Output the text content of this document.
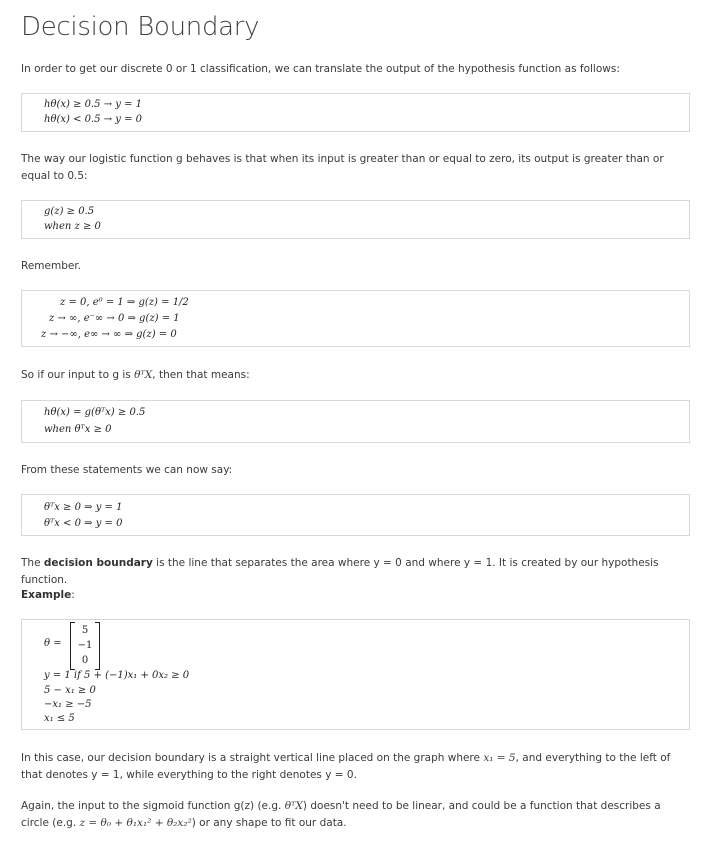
Decision Boundary

In order to get our discrete 0 or 1 classification, we can translate the output of the hypothesis function as follows:

hθ(x) ≥ 0.5 → y = 1
hθ(x) < 0.5 → y = 0

The way our logistic function g behaves is that when its input is greater than or equal to zero, its output is greater than or equal to 0.5:

g(z) ≥ 0.5
when z ≥ 0

Remember.

z = 0, e⁰ = 1 ⇒ g(z) = 1/2
z → ∞, e⁻∞ → 0 ⇒ g(z) = 1
z → −∞, e∞ → ∞ ⇒ g(z) = 0

So if our input to g is θᵀX, then that means:

hθ(x) = g(θᵀx) ≥ 0.5
when θᵀx ≥ 0

From these statements we can now say:

θᵀx ≥ 0 ⇒ y = 1
θᵀx < 0 ⇒ y = 0

The decision boundary is the line that separates the area where y = 0 and where y = 1. It is created by our hypothesis function.

Example:

θ =
5
−1
0
y = 1 if 5 + (−1)x₁ + 0x₂ ≥ 0
5 − x₁ ≥ 0
−x₁ ≥ −5
x₁ ≤ 5

In this case, our decision boundary is a straight vertical line placed on the graph where x₁ = 5, and everything to the left of that denotes y = 1, while everything to the right denotes y = 0.

Again, the input to the sigmoid function g(z) (e.g. θᵀX) doesn't need to be linear, and could be a function that describes a circle (e.g. z = θ₀ + θ₁x₁² + θ₂x₂²) or any shape to fit our data.
